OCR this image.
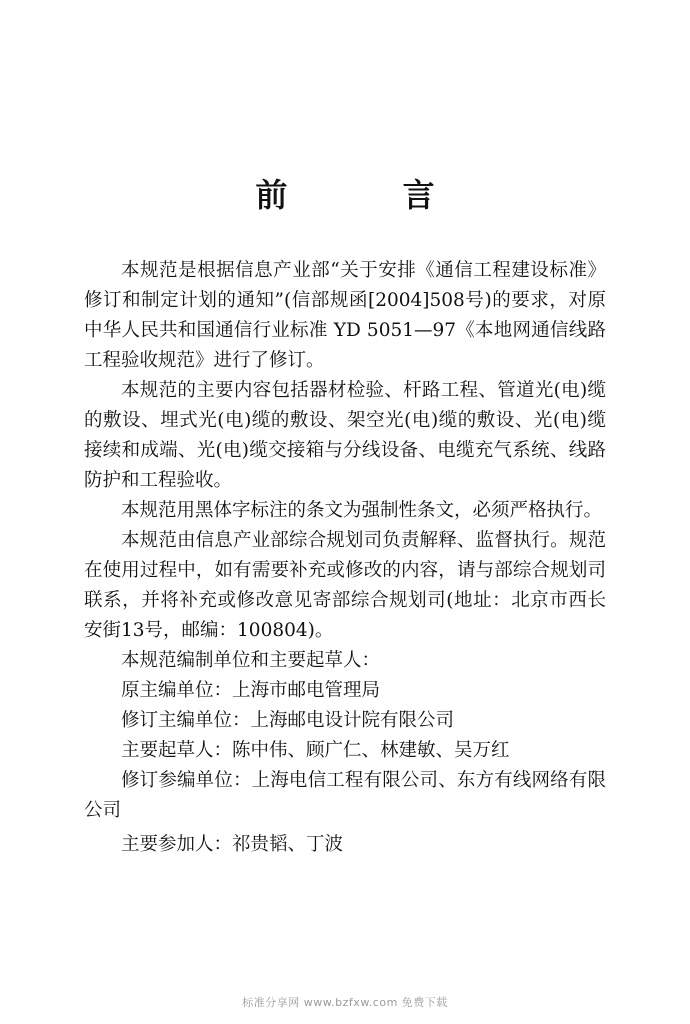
前 言

本规范是根据信息产业部“关于安排《通信工程建设标准》修订和制定计划的通知”(信部规函[2004]508号)的要求，对原中华人民共和国通信行业标准 YD 5051—97《本地网通信线路工程验收规范》进行了修订。

本规范的主要内容包括器材检验、杆路工程、管道光(电)缆的敷设、埋式光(电)缆的敷设、架空光(电)缆的敷设、光(电)缆接续和成端、光(电)缆交接箱与分线设备、电缆充气系统、线路防护和工程验收。

本规范用黑体字标注的条文为强制性条文，必须严格执行。

本规范由信息产业部综合规划司负责解释、监督执行。规范在使用过程中，如有需要补充或修改的内容，请与部综合规划司联系，并将补充或修改意见寄部综合规划司(地址：北京市西长安街13号，邮编：100804)。

本规范编制单位和主要起草人：

原主编单位：上海市邮电管理局

修订主编单位：上海邮电设计院有限公司

主要起草人：陈中伟、顾广仁、林建敏、吴万红

修订参编单位：上海电信工程有限公司、东方有线网络有限公司

主要参加人：祁贵韬、丁波

标准分享网 www.bzfxw.com 免费下载
